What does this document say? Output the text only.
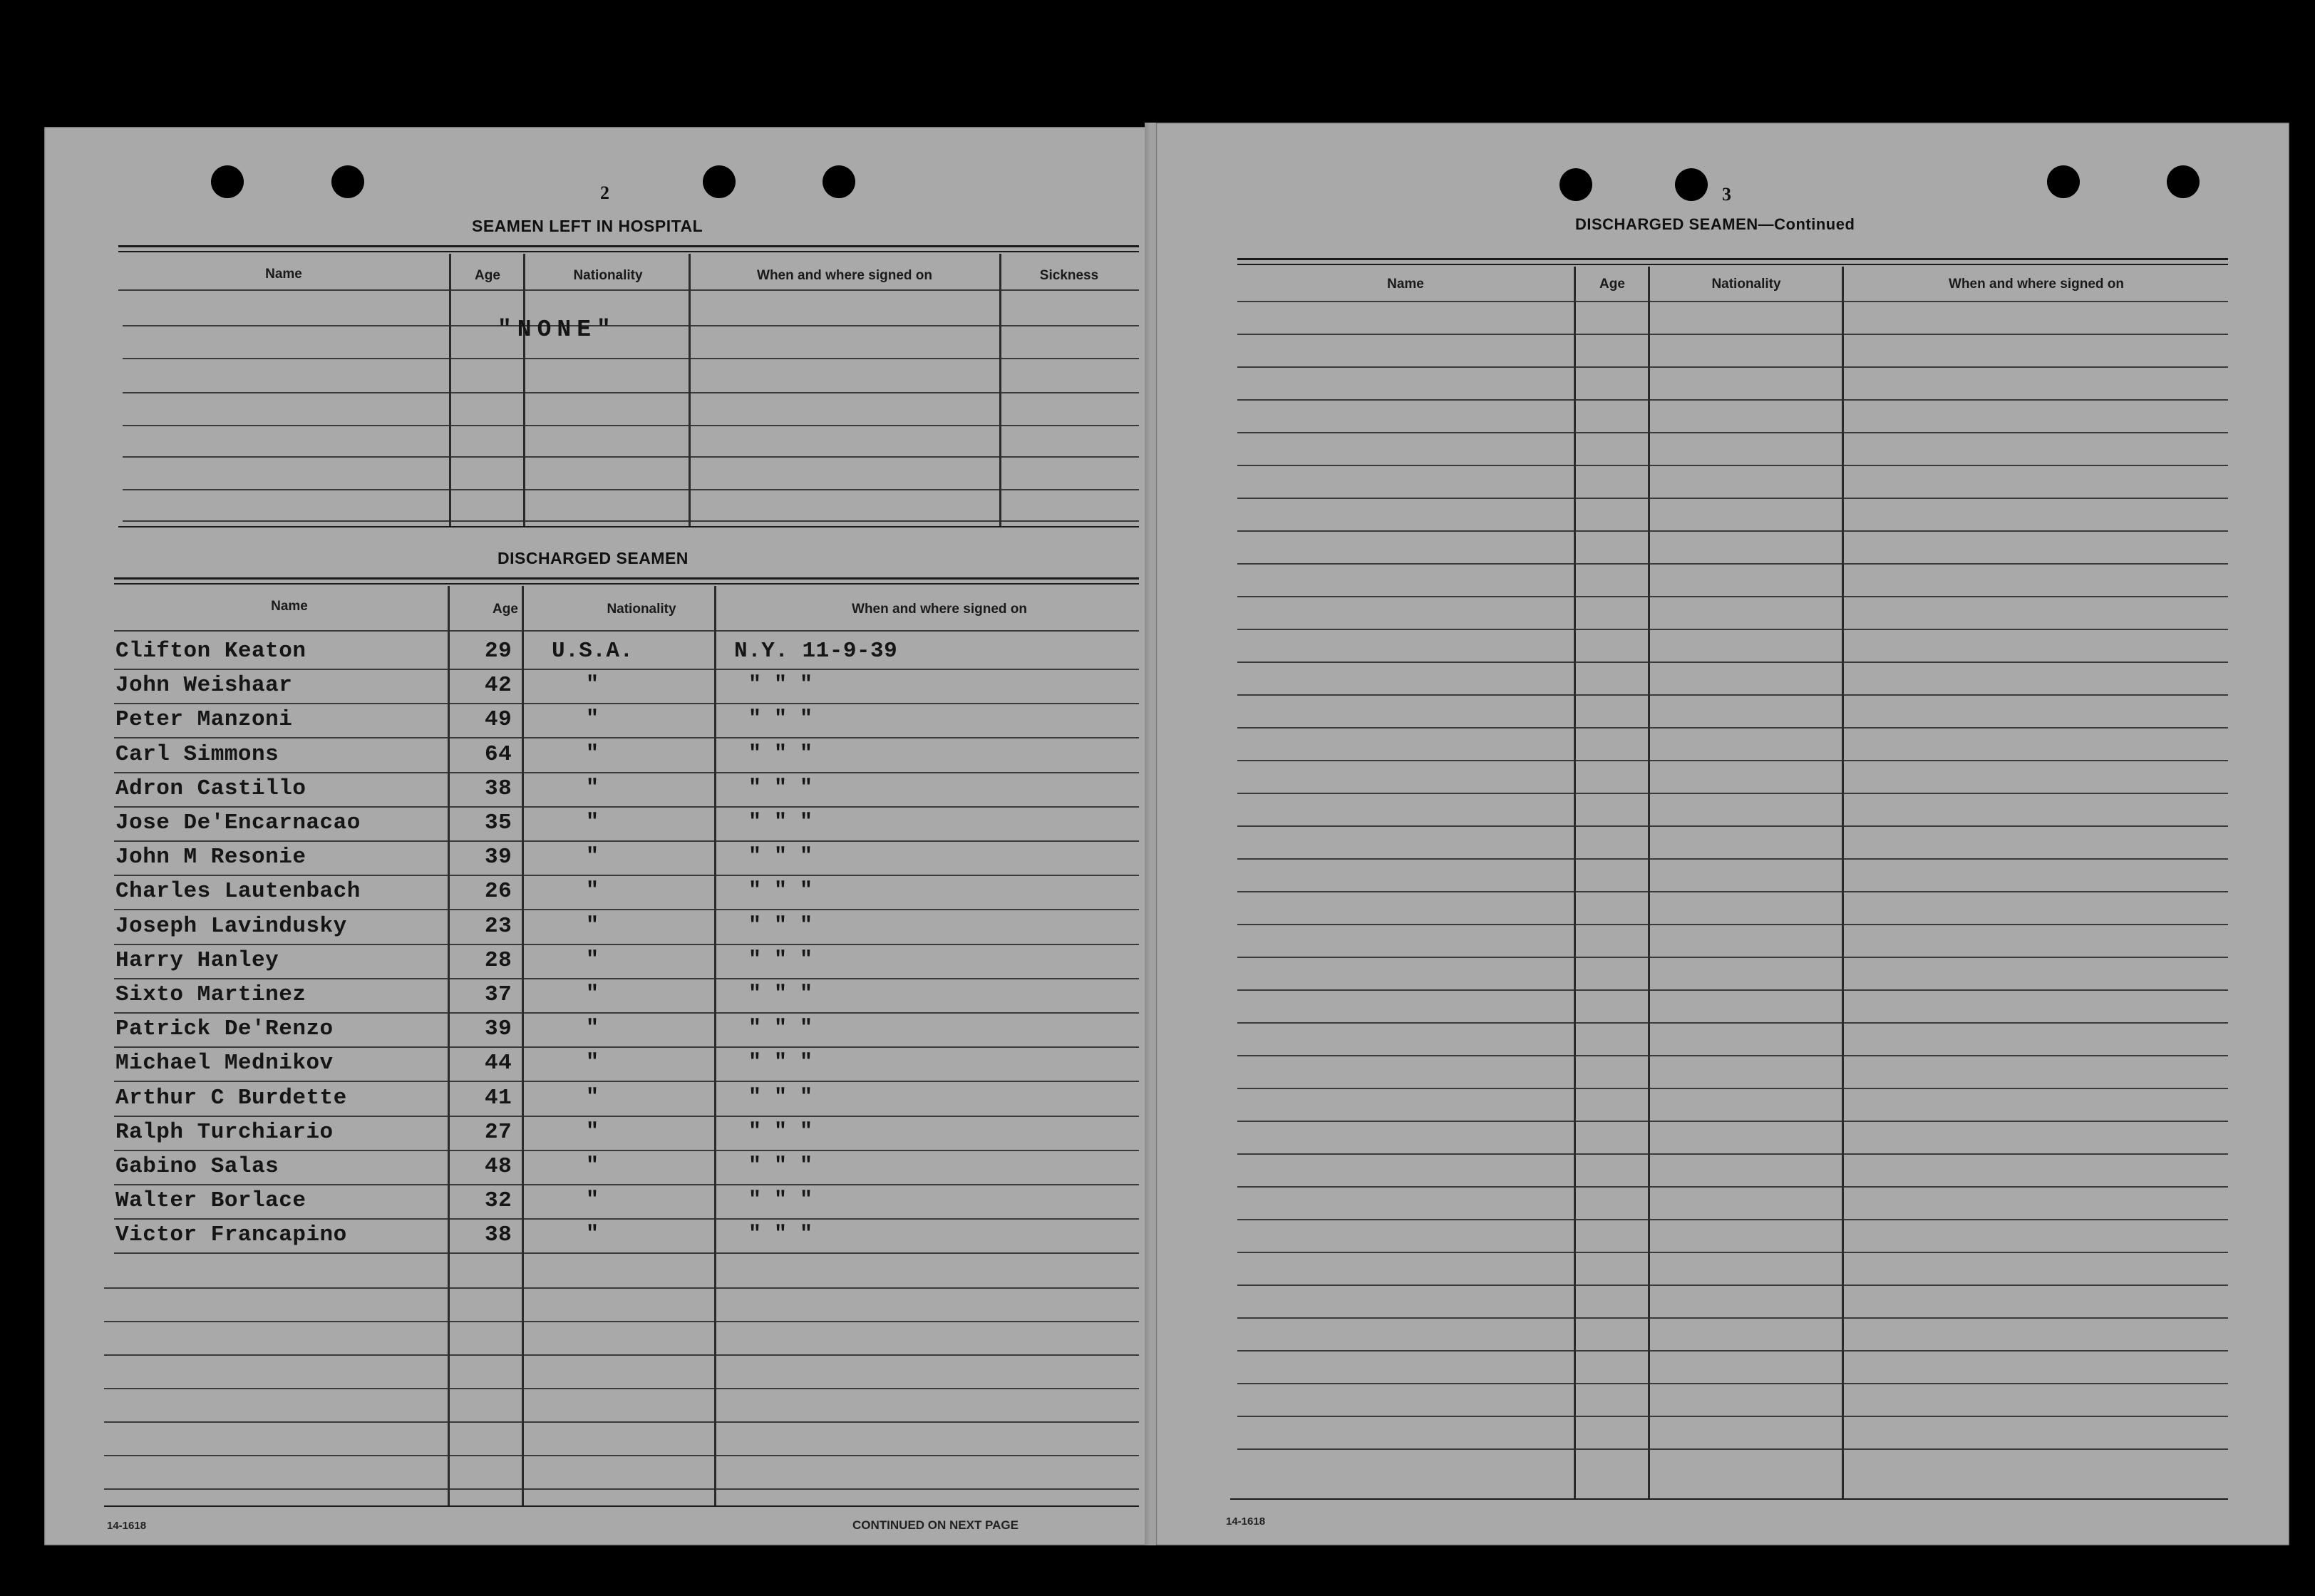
2
SEAMEN LEFT IN HOSPITAL
Name	Age	Nationality	When and where signed on	Sickness
"NONE"
DISCHARGED SEAMEN
Name	Age	Nationality	When and where signed on
Clifton Keaton	29 U.S.A.	N.Y. 11-9-39
John Weishaar	42	"	" " "
Peter Manzoni	49	"	" " "
Carl Simmons	64	"	" " "
Adron Castillo	38	"	" " "
Jose De'Encarnacao	35	"	" " "
John M Resonie	39	"	" " "
Charles Lautenbach	26	"	" " "
Joseph Lavindusky	23	"	" " "
Harry Hanley	28	"	" " "
Sixto Martinez	37	"	" " "
Patrick De'Renzo	39	"	" " "
Michael Mednikov	44	"	" " "
Arthur C Burdette	41	"	" " "
Ralph Turchiario	27	"	" " "
Gabino Salas	48	"	" " "
Walter Borlace	32	"	" " "
Victor Francapino	38	"	" " "
14-1618	CONTINUED ON NEXT PAGE
3
DISCHARGED SEAMEN—Continued
Name	Age	Nationality	When and where signed on
14-1618
